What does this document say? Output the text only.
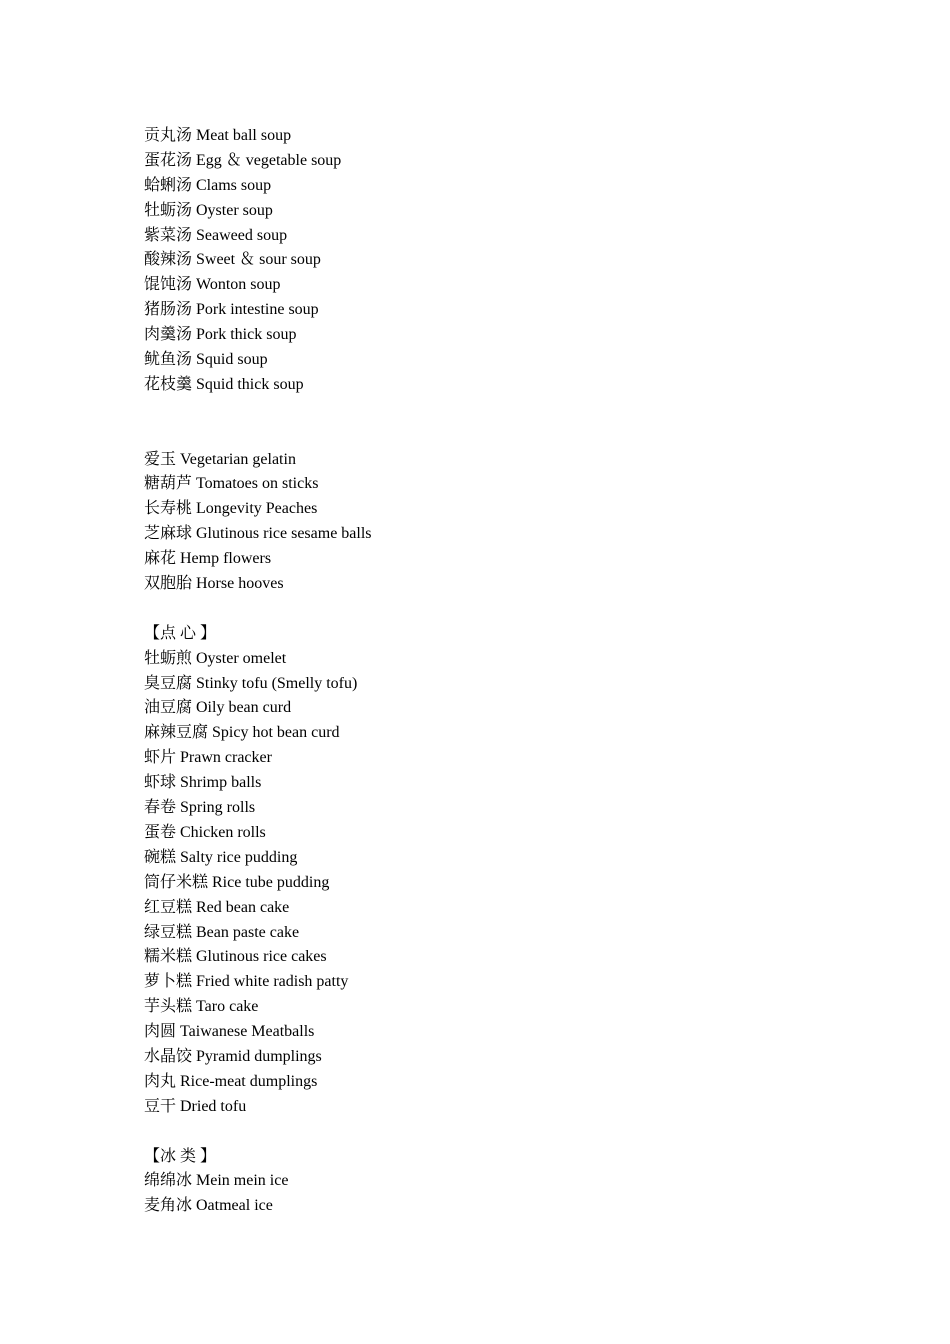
贡丸汤 Meat ball soup
蛋花汤 Egg ＆ vegetable soup
蛤蜊汤 Clams soup
牡蛎汤 Oyster soup
紫菜汤 Seaweed soup
酸辣汤 Sweet ＆ sour soup
馄饨汤 Wonton soup
猪肠汤 Pork intestine soup
肉羹汤 Pork thick soup
鱿鱼汤 Squid soup
花枝羹 Squid thick soup
爱玉 Vegetarian gelatin
糖葫芦 Tomatoes on sticks
长寿桃 Longevity Peaches
芝麻球 Glutinous rice sesame balls
麻花 Hemp flowers
双胞胎 Horse hooves
【点 心 】
牡蛎煎 Oyster omelet
臭豆腐 Stinky tofu (Smelly tofu)
油豆腐 Oily bean curd
麻辣豆腐 Spicy hot bean curd
虾片 Prawn cracker
虾球 Shrimp balls
春卷 Spring rolls
蛋卷 Chicken rolls
碗糕 Salty rice pudding
筒仔米糕 Rice tube pudding
红豆糕 Red bean cake
绿豆糕 Bean paste cake
糯米糕 Glutinous rice cakes
萝卜糕 Fried white radish patty
芋头糕 Taro cake
肉圆 Taiwanese Meatballs
水晶饺 Pyramid dumplings
肉丸 Rice-meat dumplings
豆干 Dried tofu
【冰 类 】
绵绵冰 Mein mein ice
麦角冰 Oatmeal ice
